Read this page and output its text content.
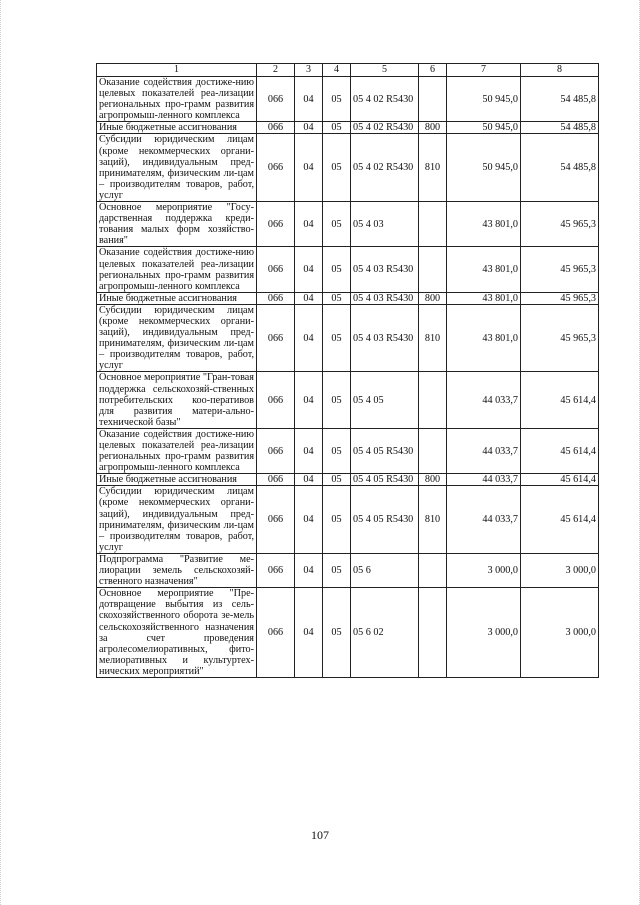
1	2	3	4	5	6	7	8
Оказание содействия достиже-нию целевых показателей реа-лизации региональных про-грамм развития агропромыш-ленного комплекса	066	04	05	05 4 02 R5430		50 945,0	54 485,8
Иные бюджетные ассигнования	066	04	05	05 4 02 R5430	800	50 945,0	54 485,8
Субсидии юридическим лицам (кроме некоммерческих органи-заций), индивидуальным пред-принимателям, физическим ли-цам – производителям товаров, работ, услуг	066	04	05	05 4 02 R5430	810	50 945,0	54 485,8
Основное мероприятие "Госу-дарственная поддержка креди-тования малых форм хозяйство-вания"	066	04	05	05 4 03		43 801,0	45 965,3
Оказание содействия достиже-нию целевых показателей реа-лизации региональных про-грамм развития агропромыш-ленного комплекса	066	04	05	05 4 03 R5430		43 801,0	45 965,3
Иные бюджетные ассигнования	066	04	05	05 4 03 R5430	800	43 801,0	45 965,3
Субсидии юридическим лицам (кроме некоммерческих органи-заций), индивидуальным пред-принимателям, физическим ли-цам – производителям товаров, работ, услуг	066	04	05	05 4 03 R5430	810	43 801,0	45 965,3
Основное мероприятие "Гран-товая поддержка сельскохозяй-ственных потребительских коо-перативов для развития матери-ально-технической базы"	066	04	05	05 4 05		44 033,7	45 614,4
Оказание содействия достиже-нию целевых показателей реа-лизации региональных про-грамм развития агропромыш-ленного комплекса	066	04	05	05 4 05 R5430		44 033,7	45 614,4
Иные бюджетные ассигнования	066	04	05	05 4 05 R5430	800	44 033,7	45 614,4
Субсидии юридическим лицам (кроме некоммерческих органи-заций), индивидуальным пред-принимателям, физическим ли-цам – производителям товаров, работ, услуг	066	04	05	05 4 05 R5430	810	44 033,7	45 614,4
Подпрограмма "Развитие ме-лиорации земель сельскохозяй-ственного назначения"	066	04	05	05 6		3 000,0	3 000,0
Основное мероприятие "Пре-дотвращение выбытия из сель-скохозяйственного оборота зе-мель сельскохозяйственного назначения за счет проведения агролесомелиоративных, фито-мелиоративных и культуртех-нических мероприятий"	066	04	05	05 6 02		3 000,0	3 000,0
107
